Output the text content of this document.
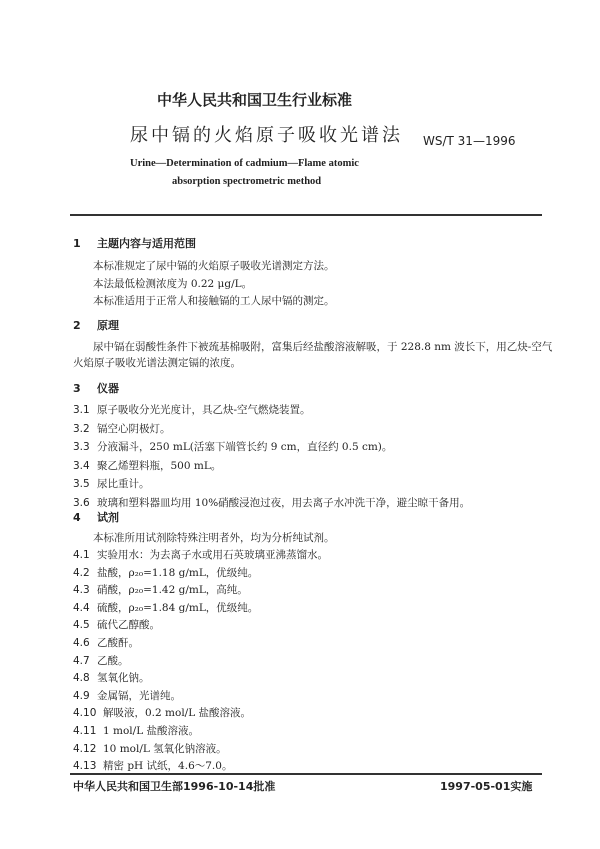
中华人民共和国卫生行业标准
尿中镉的火焰原子吸收光谱法 WS/T 31—1996
Urine—Determination of cadmium—Flame atomic
absorption spectrometric method
1 主题内容与适用范围
本标准规定了尿中镉的火焰原子吸收光谱测定方法。
本法最低检测浓度为 0.22 μg/L。
本标准适用于正常人和接触镉的工人尿中镉的测定。
2 原理
尿中镉在弱酸性条件下被巯基棉吸附，富集后经盐酸溶液解吸，于 228.8 nm 波长下，用乙炔-空气
火焰原子吸收光谱法测定镉的浓度。
3 仪器
3.1 原子吸收分光光度计，具乙炔-空气燃烧装置。
3.2 镉空心阴极灯。
3.3 分液漏斗，250 mL(活塞下端管长约 9 cm，直径约 0.5 cm)。
3.4 聚乙烯塑料瓶，500 mL。
3.5 尿比重计。
3.6 玻璃和塑料器皿均用 10%硝酸浸泡过夜，用去离子水冲洗干净，避尘晾干备用。
4 试剂
本标准所用试剂除特殊注明者外，均为分析纯试剂。
4.1 实验用水：为去离子水或用石英玻璃亚沸蒸馏水。
4.2 盐酸，ρ₂₀=1.18 g/mL，优级纯。
4.3 硝酸，ρ₂₀=1.42 g/mL，高纯。
4.4 硫酸，ρ₂₀=1.84 g/mL，优级纯。
4.5 硫代乙醇酸。
4.6 乙酸酐。
4.7 乙酸。
4.8 氢氧化钠。
4.9 金属镉，光谱纯。
4.10 解吸液，0.2 mol/L 盐酸溶液。
4.11 1 mol/L 盐酸溶液。
4.12 10 mol/L 氢氧化钠溶液。
4.13 精密 pH 试纸，4.6～7.0。
中华人民共和国卫生部1996-10-14批准	1997-05-01实施
